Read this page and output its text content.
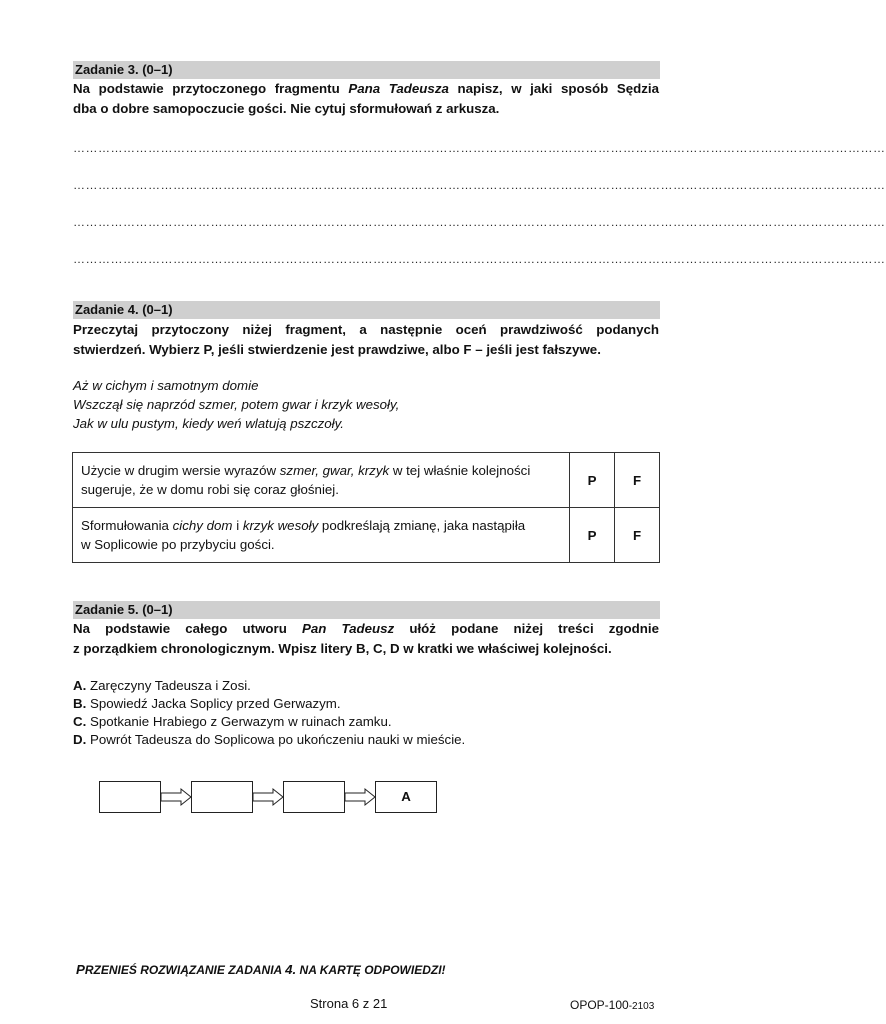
Zadanie 3. (0–1)

Na podstawie przytoczonego fragmentu Pana Tadeusza napisz, w jaki sposób Sędzia
dba o dobre samopoczucie gości. Nie cytuj sformułowań z arkusza.

……………………………………………………………………………………………………………………………………………………………………………
……………………………………………………………………………………………………………………………………………………………………………
……………………………………………………………………………………………………………………………………………………………………………
……………………………………………………………………………………………………………………………………………………………………………
Zadanie 4. (0–1)

Przeczytaj przytoczony niżej fragment, a następnie oceń prawdziwość podanych
stwierdzeń. Wybierz P, jeśli stwierdzenie jest prawdziwe, albo F – jeśli jest fałszywe.

Aż w cichym i samotnym domie
Wszczął się naprzód szmer, potem gwar i krzyk wesoły,
Jak w ulu pustym, kiedy weń wlatują pszczoły.
Użycie w drugim wersie wyrazów szmer, gwar, krzyk w tej właśnie kolejności
sugeruje, że w domu robi się coraz głośniej.	P	F
Sformułowania cichy dom i krzyk wesoły podkreślają zmianę, jaka nastąpiła
w Soplicowie po przybyciu gości.	P	F
Zadanie 5. (0–1)

Na podstawie całego utworu Pan Tadeusz ułóż podane niżej treści zgodnie
z porządkiem chronologicznym. Wpisz litery B, C, D w kratki we właściwej kolejności.

A. Zaręczyny Tadeusza i Zosi.
B. Spowiedź Jacka Soplicy przed Gerwazym.
C. Spotkanie Hrabiego z Gerwazym w ruinach zamku.
D. Powrót Tadeusza do Soplicowa po ukończeniu nauki w mieście.
A
PRZENIEŚ ROZWIĄZANIE ZADANIA 4. NA KARTĘ ODPOWIEDZI!
Strona 6 z 21	OPOP-100-2103
